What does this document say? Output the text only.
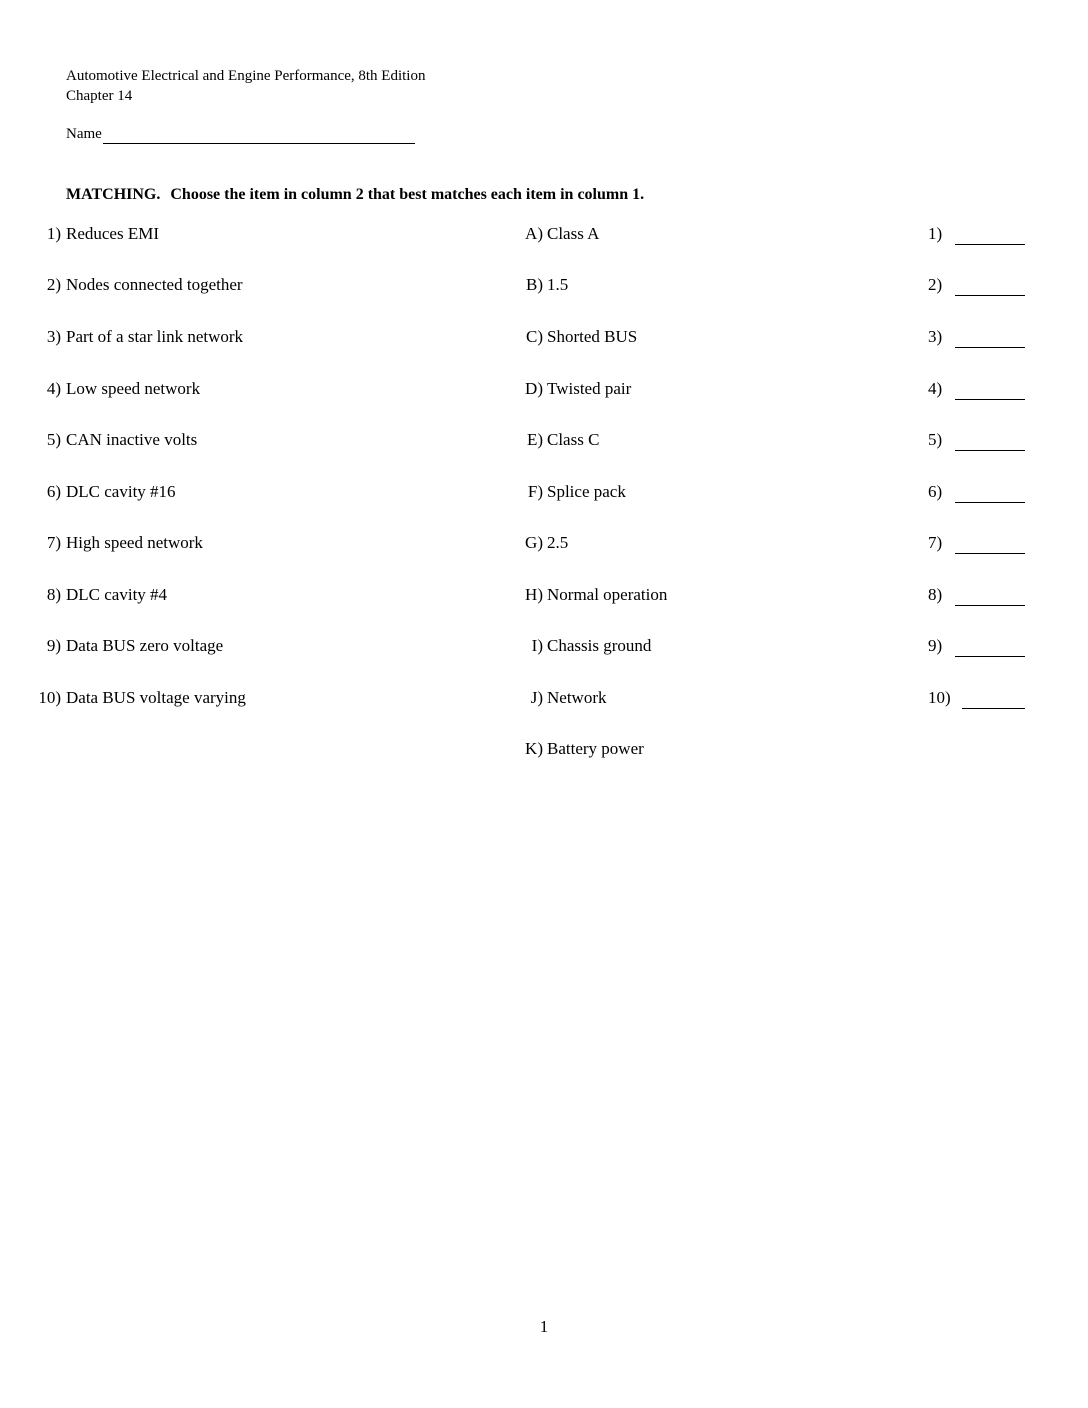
Automotive Electrical and Engine Performance, 8th Edition
Chapter 14
Name
MATCHING. Choose the item in column 2 that best matches each item in column 1.
1) Reduces EMI
2) Nodes connected together
3) Part of a star link network
4) Low speed network
5) CAN inactive volts
6) DLC cavity #16
7) High speed network
8) DLC cavity #4
9) Data BUS zero voltage
10) Data BUS voltage varying
A) Class A
B) 1.5
C) Shorted BUS
D) Twisted pair
E) Class C
F) Splice pack
G) 2.5
H) Normal operation
I) Chassis ground
J) Network
K) Battery power
1)
2)
3)
4)
5)
6)
7)
8)
9)
10)
1
